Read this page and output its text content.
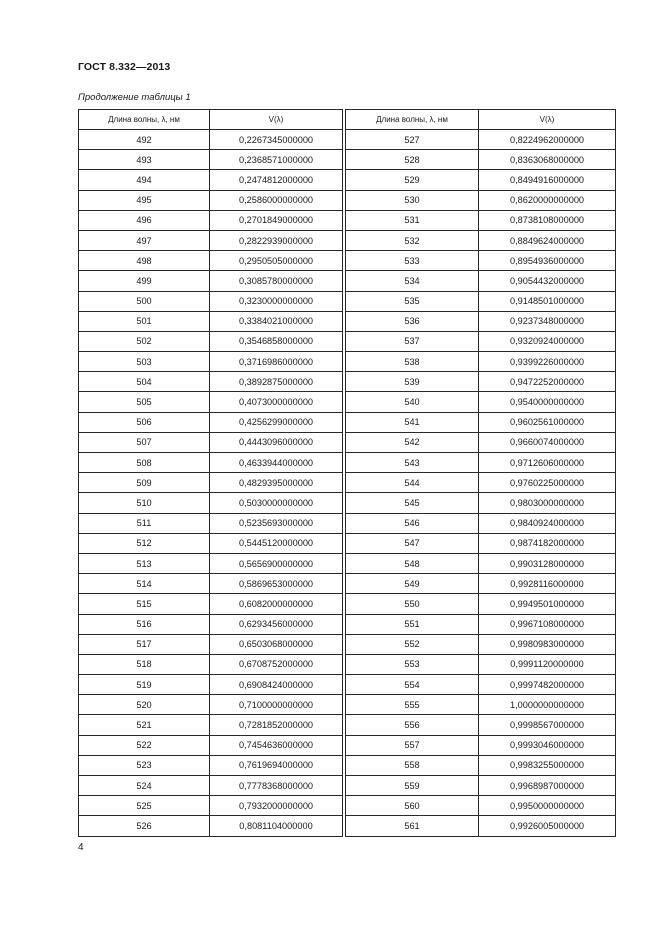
ГОСТ 8.332—2013
Продолжение таблицы 1
Длина волны, λ, нм	V(λ)		Длина волны, λ, нм	V(λ)
492	0,2267345000000		527	0,8224962000000
493	0,2368571000000		528	0,8363068000000
494	0,2474812000000		529	0,8494916000000
495	0,2586000000000		530	0,8620000000000
496	0,2701849000000		531	0,8738108000000
497	0,2822939000000		532	0,8849624000000
498	0,2950505000000		533	0,8954936000000
499	0,3085780000000		534	0,9054432000000
500	0,3230000000000		535	0,9148501000000
501	0,3384021000000		536	0,9237348000000
502	0,3546858000000		537	0,9320924000000
503	0,3716986000000		538	0,9399226000000
504	0,3892875000000		539	0,9472252000000
505	0,4073000000000		540	0,9540000000000
506	0,4256299000000		541	0,9602561000000
507	0,4443096000000		542	0,9660074000000
508	0,4633944000000		543	0,9712606000000
509	0,4829395000000		544	0,9760225000000
510	0,5030000000000		545	0,9803000000000
511	0,5235693000000		546	0,9840924000000
512	0,5445120000000		547	0,9874182000000
513	0,5656900000000		548	0,9903128000000
514	0,5869653000000		549	0,9928116000000
515	0,6082000000000		550	0,9949501000000
516	0,6293456000000		551	0,9967108000000
517	0,6503068000000		552	0,9980983000000
518	0,6708752000000		553	0,9991120000000
519	0,6908424000000		554	0,9997482000000
520	0,7100000000000		555	1,0000000000000
521	0,7281852000000		556	0,9998567000000
522	0,7454636000000		557	0,9993046000000
523	0,7619694000000		558	0,9983255000000
524	0,7778368000000		559	0,9968987000000
525	0,7932000000000		560	0,9950000000000
526	0,8081104000000		561	0,9926005000000
4
